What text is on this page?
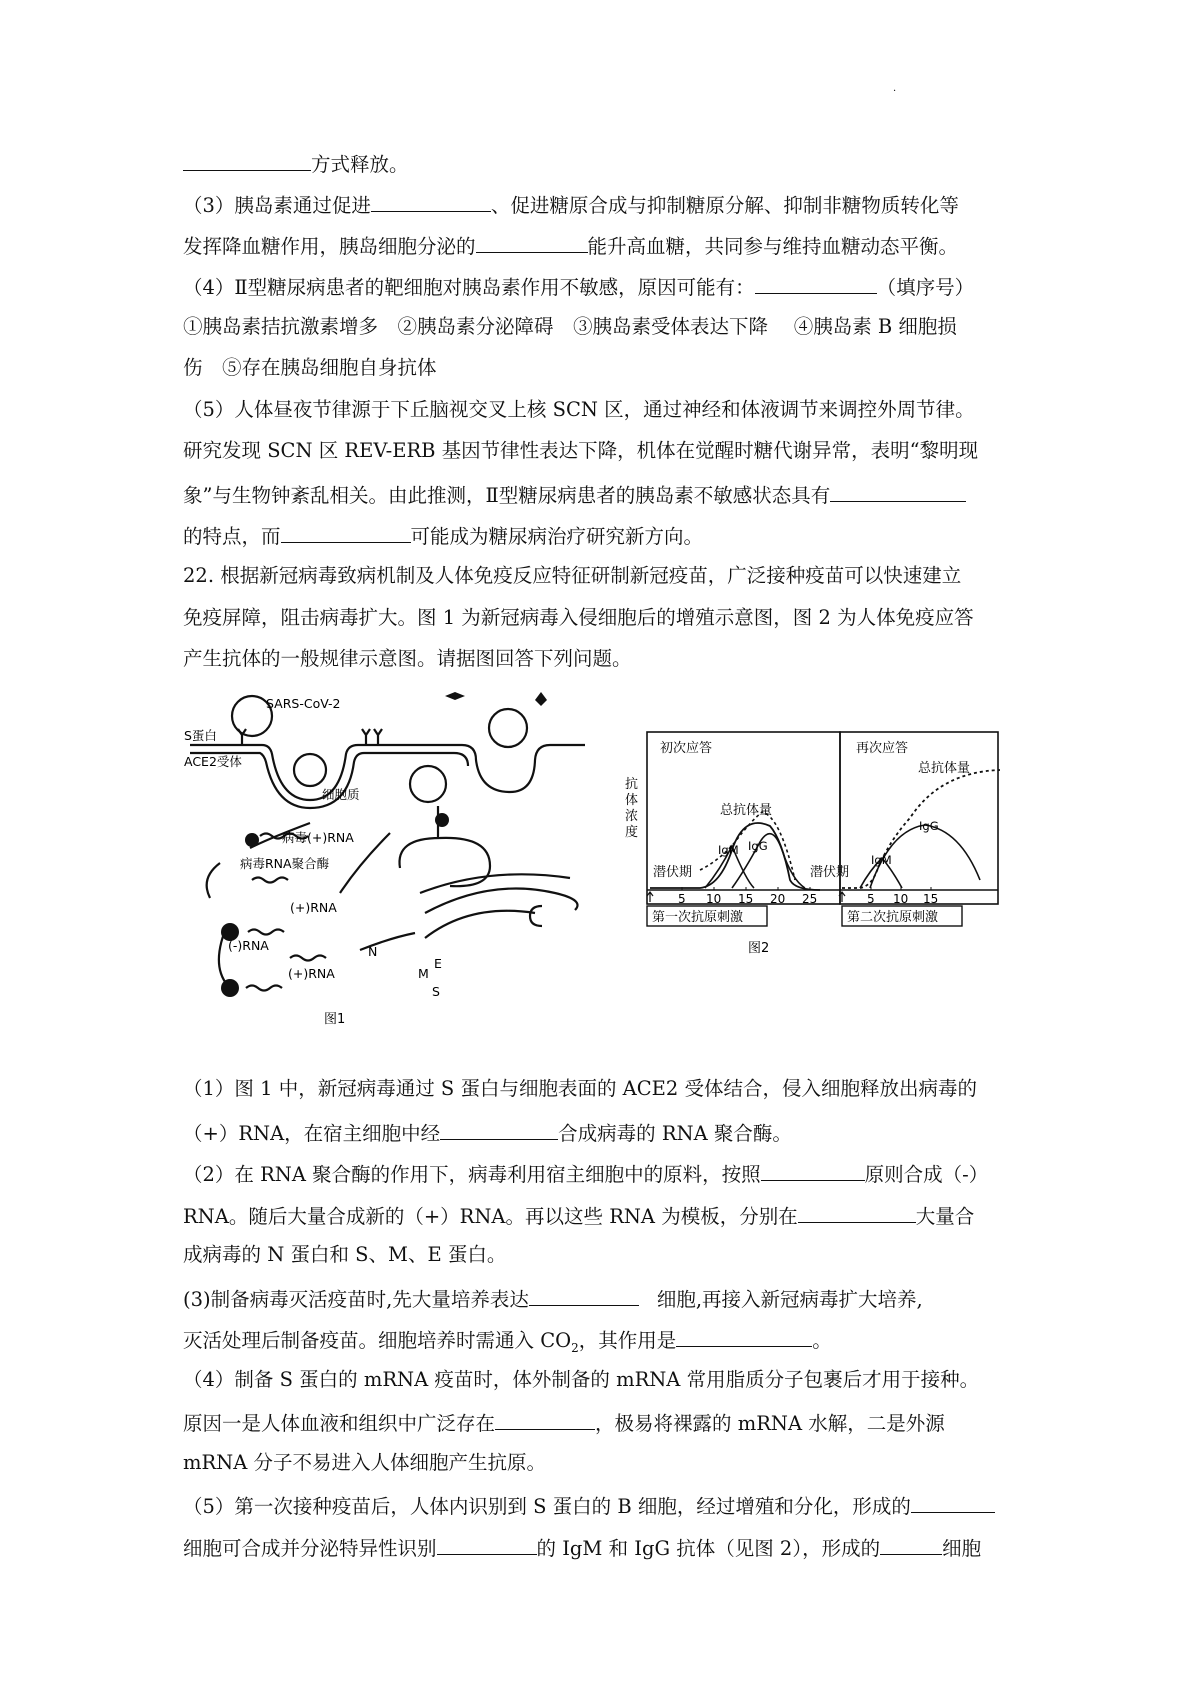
·
方式释放。
（3）胰岛素通过促进	、促进糖原合成与抑制糖原分解、抑制非糖物质转化等
发挥降血糖作用，胰岛细胞分泌的	能升高血糖，共同参与维持血糖动态平衡。
（4）Ⅱ型糖尿病患者的靶细胞对胰岛素作用不敏感，原因可能有：	（填序号）
①胰岛素拮抗激素增多　②胰岛素分泌障碍　③胰岛素受体表达下降　 ④胰岛素 B 细胞损
伤　⑤存在胰岛细胞自身抗体
（5）人体昼夜节律源于下丘脑视交叉上核 SCN 区，通过神经和体液调节来调控外周节律。
研究发现 SCN 区 REV-ERB 基因节律性表达下降，机体在觉醒时糖代谢异常，表明“黎明现
象”与生物钟紊乱相关。由此推测，Ⅱ型糖尿病患者的胰岛素不敏感状态具有
的特点，而	可能成为糖尿病治疗研究新方向。
22. 根据新冠病毒致病机制及人体免疫反应特征研制新冠疫苗，广泛接种疫苗可以快速建立
免疫屏障，阻击病毒扩大。图 1 为新冠病毒入侵细胞后的增殖示意图，图 2 为人体免疫应答
产生抗体的一般规律示意图。请据图回答下列问题。
SARS-CoV-2
S蛋白
ACE2受体
细胞质
病毒(+)RNA
病毒RNA聚合酶
(+)RNA
(-)RNA
(+)RNA
N
M
E
S
图1
初次应答	再次应答
抗
体
浓
度
总抗体量
总抗体量
IgM IgG
IgM
IgG
潜伏期	潜伏期
5 10 15 20 25	5 10 15
第一次抗原刺激	第二次抗原刺激
图2
（1）图 1 中，新冠病毒通过 S 蛋白与细胞表面的 ACE2 受体结合，侵入细胞释放出病毒的
（+）RNA，在宿主细胞中经	合成病毒的 RNA 聚合酶。
（2）在 RNA 聚合酶的作用下，病毒利用宿主细胞中的原料，按照	原则合成（-）
RNA。随后大量合成新的（+）RNA。再以这些 RNA 为模板，分别在	大量合
成病毒的 N 蛋白和 S、M、E 蛋白。
(3)制备病毒灭活疫苗时,先大量培养表达	细胞,再接入新冠病毒扩大培养,
灭活处理后制备疫苗。细胞培养时需通入 $CO_2$，其作用是	。
（4）制备 S 蛋白的 mRNA 疫苗时，体外制备的 mRNA 常用脂质分子包裹后才用于接种。
原因一是人体血液和组织中广泛存在	，极易将裸露的 mRNA 水解，二是外源
mRNA 分子不易进入人体细胞产生抗原。
（5）第一次接种疫苗后，人体内识别到 S 蛋白的 B 细胞，经过增殖和分化，形成的
细胞可合成并分泌特异性识别	的 IgM 和 IgG 抗体（见图 2），形成的	细胞
